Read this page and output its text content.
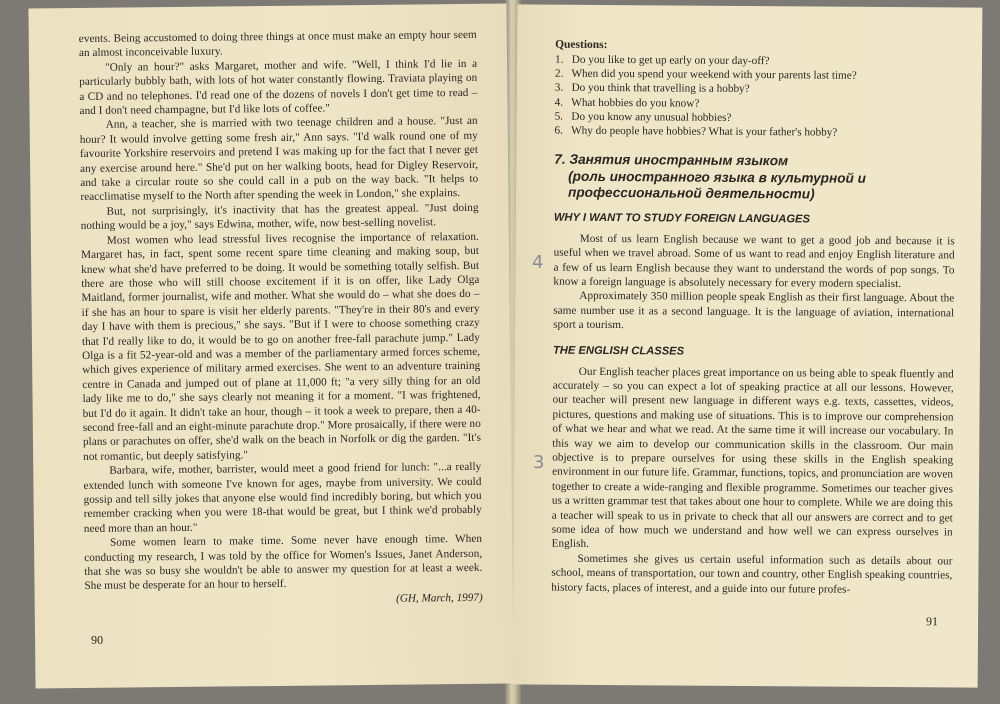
events. Being accustomed to doing three things at once must make an empty hour seem an almost inconceivable luxury.

"Only an hour?" asks Margaret, mother and wife. "Well, I think I'd lie in a particularly bubbly bath, with lots of hot water constantly flowing. Traviata playing on a CD and no telephones. I'd read one of the dozens of novels I don't get time to read – and I don't need champagne, but I'd like lots of coffee."

Ann, a teacher, she is married with two teenage children and a house. "Just an hour? It would involve getting some fresh air," Ann says. "I'd walk round one of my favourite Yorkshire reservoirs and pretend I was making up for the fact that I never get any exercise around here." She'd put on her walking boots, head for Digley Reservoir, and take a circular route so she could call in a pub on the way back. "It helps to reacclimatise myself to the North after spending the week in London," she explains.

But, not surprisingly, it's inactivity that has the greatest appeal. "Just doing nothing would be a joy," says Edwina, mother, wife, now best-selling novelist.

Most women who lead stressful lives recognise the importance of relaxation. Margaret has, in fact, spent some recent spare time cleaning and making soup, but knew what she'd have preferred to be doing. It would be something totally selfish. But there are those who will still choose excitement if it is on offer, like Lady Olga Maitland, former journalist, wife and mother. What she would do – what she does do – if she has an hour to spare is visit her elderly parents. "They're in their 80's and every day I have with them is precious," she says. "But if I were to choose something crazy that I'd really like to do, it would be to go on another free-fall parachute jump." Lady Olga is a fit 52-year-old and was a member of the parliamentary armed forces scheme, which gives experience of military armed exercises. She went to an adventure training centre in Canada and jumped out of plane at 11,000 ft; "a very silly thing for an old lady like me to do," she says clearly not meaning it for a moment. "I was frightened, but I'd do it again. It didn't take an hour, though – it took a week to prepare, then a 40-second free-fall and an eight-minute parachute drop." More prosaically, if there were no plans or parachutes on offer, she'd walk on the beach in Norfolk or dig the garden. "It's not romantic, but deeply satisfying."

Barbara, wife, mother, barrister, would meet a good friend for lunch: "...a really extended lunch with someone I've known for ages, maybe from university. We could gossip and tell silly jokes that anyone else would find incredibly boring, but which you remember cracking when you were 18-that would be great, but I think we'd probably need more than an hour."

Some women learn to make time. Some never have enough time. When conducting my research, I was told by the office for Women's Issues, Janet Anderson, that she was so busy she wouldn't be able to answer my question for at least a week. She must be desperate for an hour to herself.

(GH, March, 1997)

90
Questions:
1. Do you like to get up early on your day-off?
2. When did you spend your weekend with your parents last time?
3. Do you think that travelling is a hobby?
4. What hobbies do you know?
5. Do you know any unusual hobbies?
6. Why do people have hobbies? What is your father's hobby?
7. Занятия иностранным языком
(роль иностранного языка в культурной и
профессиональной деятельности)
WHY I WANT TO STUDY FOREIGN LANGUAGES

Most of us learn English because we want to get a good job and because it is useful when we travel abroad. Some of us want to read and enjoy English literature and a few of us learn English because they want to understand the words of pop songs. To know a foreign language is absolutely necessary for every modern specialist.

Approximately 350 million people speak English as their first language. About the same number use it as a second language. It is the language of aviation, international sport a tourism.

THE ENGLISH CLASSES

Our English teacher places great importance on us being able to speak fluently and accurately – so you can expect a lot of speaking practice at all our lessons. However, our teacher will present new language in different ways e.g. texts, cassettes, videos, pictures, questions and making use of situations. This is to improve our comprehension of what we hear and what we read. At the same time it will increase our vocabulary. In this way we aim to develop our communication skills in the classroom. Our main objective is to prepare ourselves for using these skills in the English speaking environment in our future life. Grammar, functions, topics, and pronunciation are woven together to create a wide-ranging and flexible programme. Sometimes our teacher gives us a written grammar test that takes about one hour to complete. While we are doing this a teacher will speak to us in private to check that all our answers are correct and to get some idea of how much we understand and how well we can express ourselves in English.

Sometimes she gives us certain useful information such as details about our school, means of transportation, our town and country, other English speaking countries, history facts, places of interest, and a guide into our future profes-

91
4
3
